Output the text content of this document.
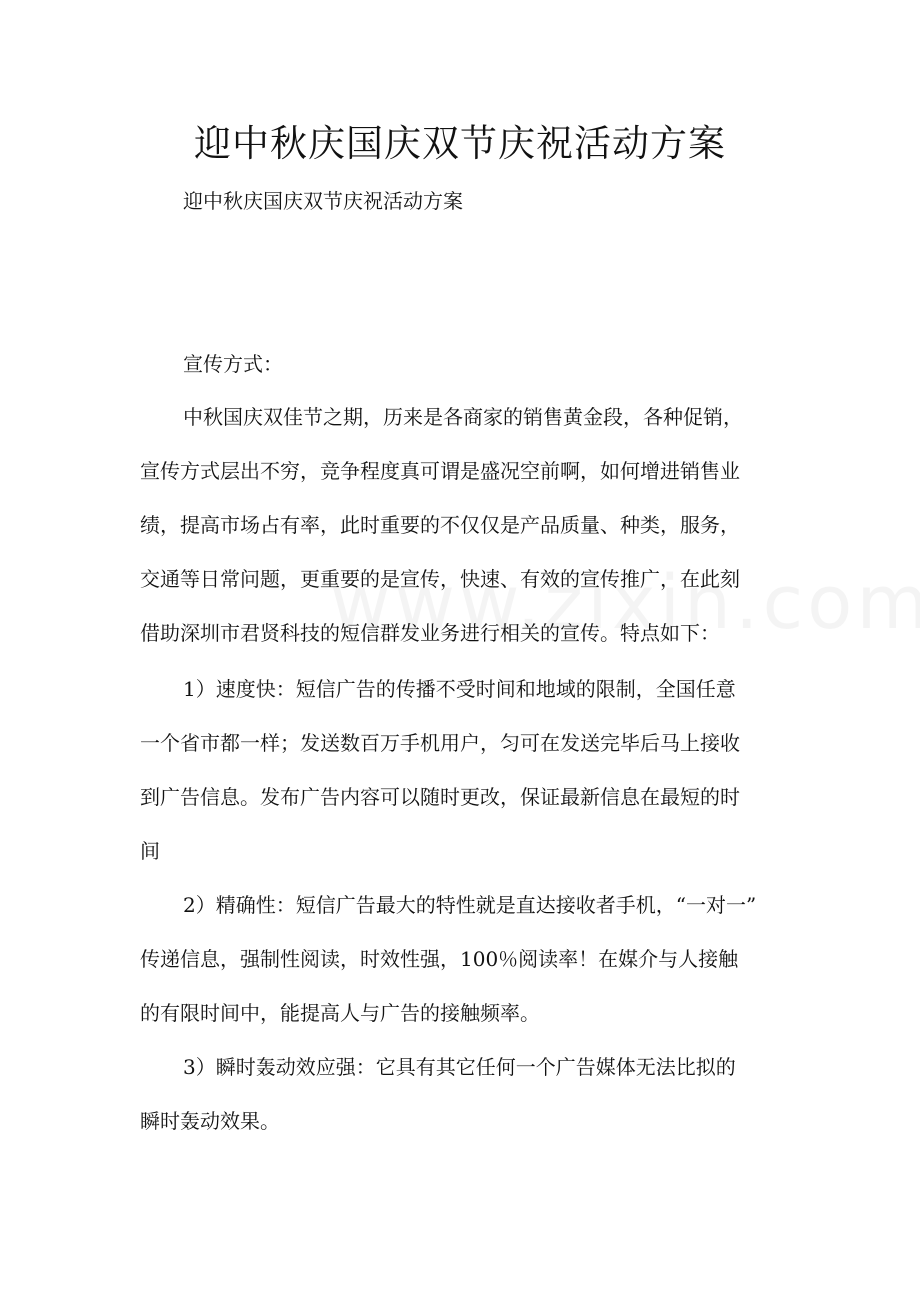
迎中秋庆国庆双节庆祝活动方案

迎中秋庆国庆双节庆祝活动方案

宣传方式：

中秋国庆双佳节之期，历来是各商家的销售黄金段，各种促销，

宣传方式层出不穷，竞争程度真可谓是盛况空前啊，如何增进销售业

绩，提高市场占有率，此时重要的不仅仅是产品质量、种类，服务，

交通等日常问题，更重要的是宣传，快速、有效的宣传推广，在此刻

借助深圳市君贤科技的短信群发业务进行相关的宣传。特点如下：

1）速度快：短信广告的传播不受时间和地域的限制，全国任意

一个省市都一样；发送数百万手机用户，匀可在发送完毕后马上接收

到广告信息。发布广告内容可以随时更改，保证最新信息在最短的时

间

2）精确性：短信广告最大的特性就是直达接收者手机，“一对一”

传递信息，强制性阅读，时效性强，100％阅读率！在媒介与人接触

的有限时间中，能提高人与广告的接触频率。

3）瞬时轰动效应强：它具有其它任何一个广告媒体无法比拟的

瞬时轰动效果。
